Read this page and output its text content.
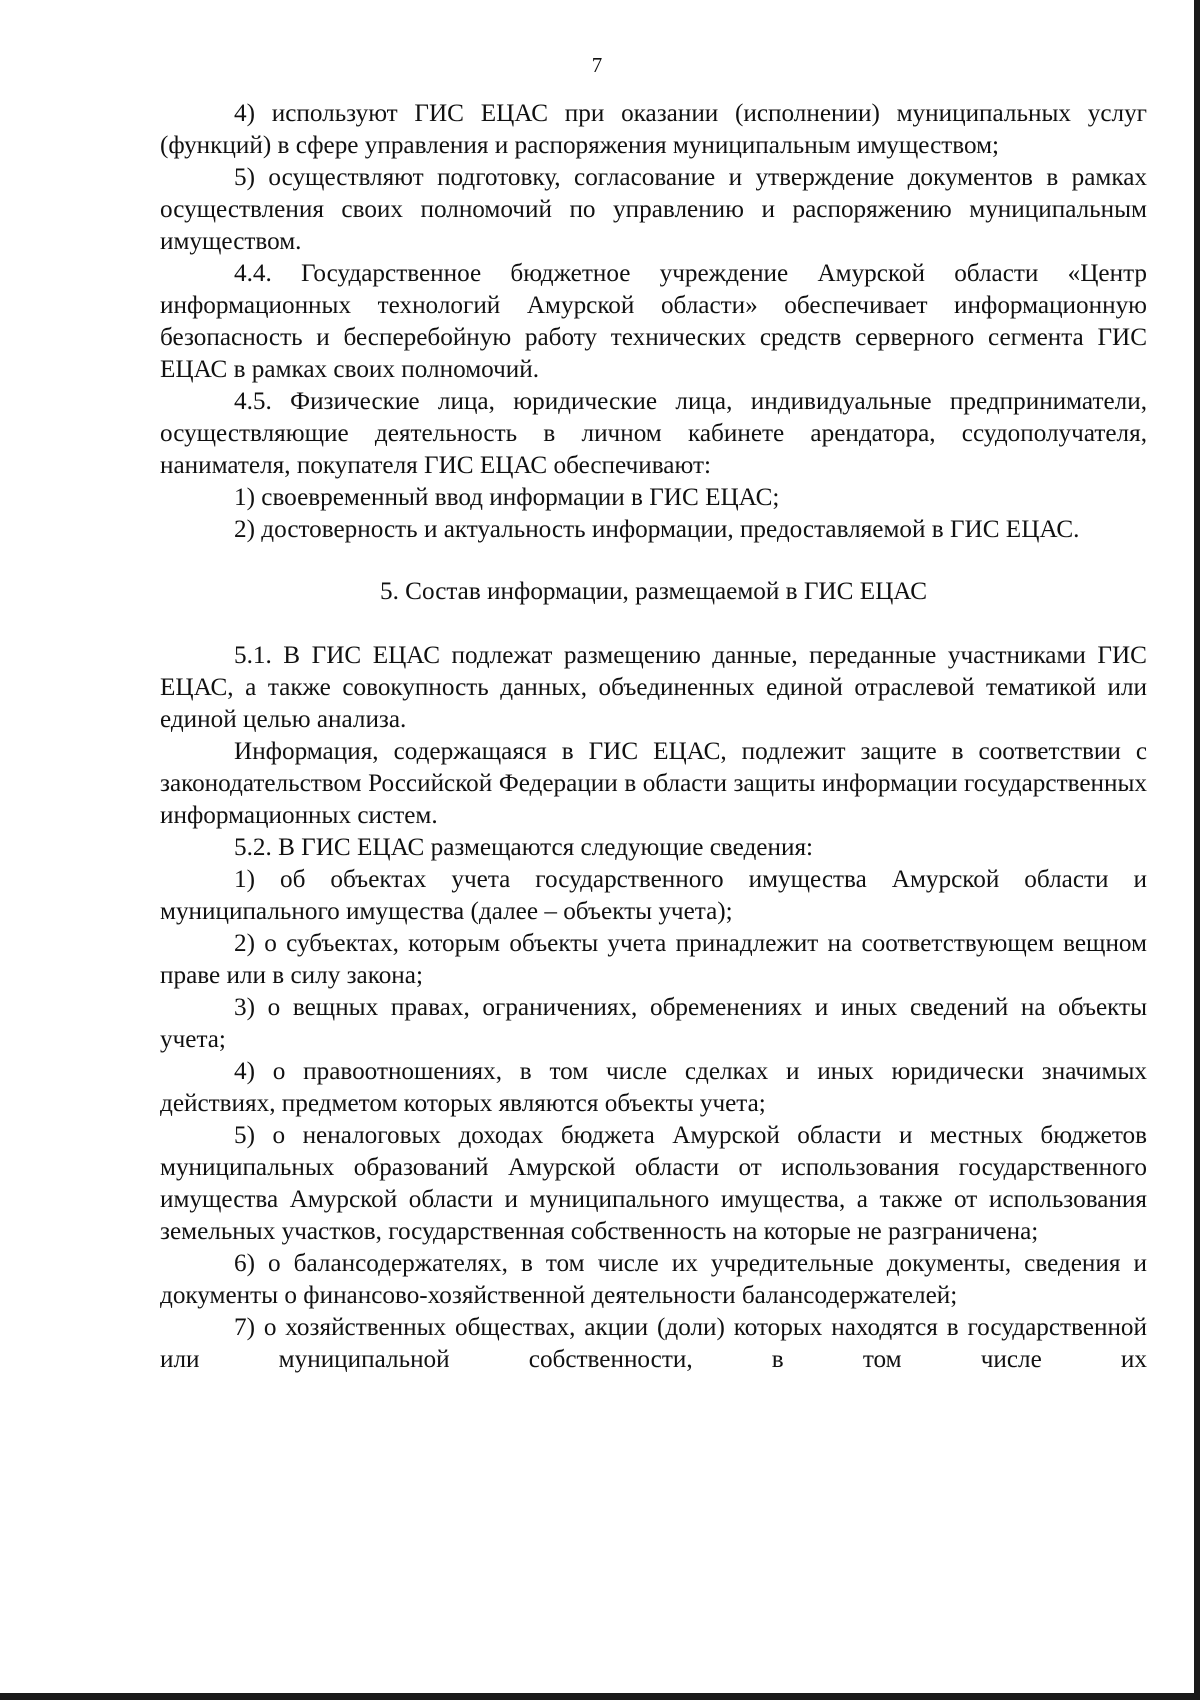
7

4) используют ГИС ЕЦАС при оказании (исполнении) муниципальных услуг (функций) в сфере управления и распоряжения муниципальным имуществом;

5) осуществляют подготовку, согласование и утверждение документов в рамках осуществления своих полномочий по управлению и распоряжению муниципальным имуществом.

4.4. Государственное бюджетное учреждение Амурской области «Центр информационных технологий Амурской области» обеспечивает информационную безопасность и бесперебойную работу технических средств серверного сегмента ГИС ЕЦАС в рамках своих полномочий.

4.5. Физические лица, юридические лица, индивидуальные предприниматели, осуществляющие деятельность в личном кабинете арендатора, ссудополучателя, нанимателя, покупателя ГИС ЕЦАС обеспечивают:

1) своевременный ввод информации в ГИС ЕЦАС;

2) достоверность и актуальность информации, предоставляемой в ГИС ЕЦАС.

5. Состав информации, размещаемой в ГИС ЕЦАС

5.1. В ГИС ЕЦАС подлежат размещению данные, переданные участниками ГИС ЕЦАС, а также совокупность данных, объединенных единой отраслевой тематикой или единой целью анализа.

Информация, содержащаяся в ГИС ЕЦАС, подлежит защите в соответствии с законодательством Российской Федерации в области защиты информации государственных информационных систем.

5.2. В ГИС ЕЦАС размещаются следующие сведения:

1) об объектах учета государственного имущества Амурской области и муниципального имущества (далее – объекты учета);

2) о субъектах, которым объекты учета принадлежит на соответствующем вещном праве или в силу закона;

3) о вещных правах, ограничениях, обременениях и иных сведений на объекты учета;

4) о правоотношениях, в том числе сделках и иных юридически значимых действиях, предметом которых являются объекты учета;

5) о неналоговых доходах бюджета Амурской области и местных бюджетов муниципальных образований Амурской области от использования государственного имущества Амурской области и муниципального имущества, а также от использования земельных участков, государственная собственность на которые не разграничена;

6) о балансодержателях, в том числе их учредительные документы, сведения и документы о финансово-хозяйственной деятельности балансодержателей;

7) о хозяйственных обществах, акции (доли) которых находятся в государственной или муниципальной собственности, в том числе их
